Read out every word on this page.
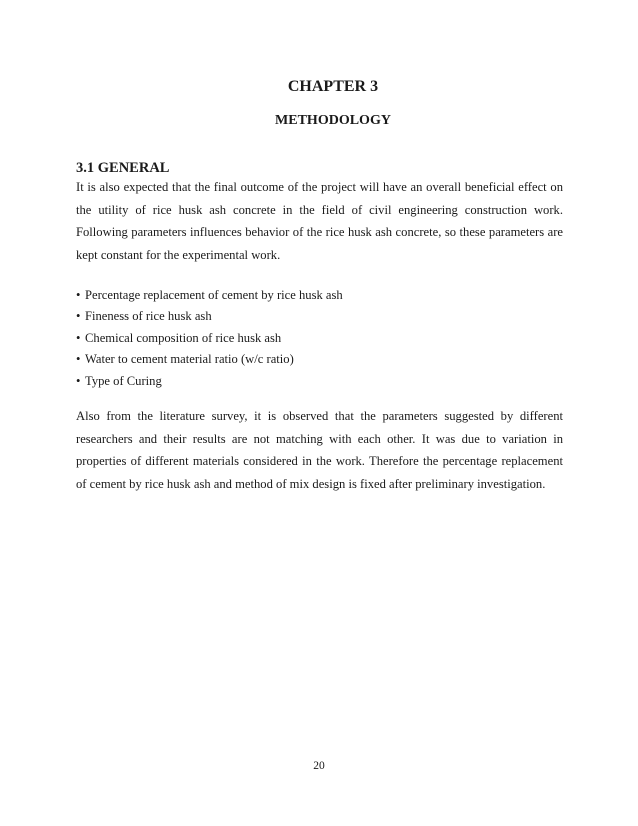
CHAPTER 3
METHODOLOGY
3.1 GENERAL

It is also expected that the final outcome of the project will have an overall beneficial effect on the utility of rice husk ash concrete in the field of civil engineering construction work. Following parameters influences behavior of the rice husk ash concrete, so these parameters are kept constant for the experimental work.

• Percentage replacement of cement by rice husk ash
• Fineness of rice husk ash
• Chemical composition of rice husk ash
• Water to cement material ratio (w/c ratio)
• Type of Curing

Also from the literature survey, it is observed that the parameters suggested by different researchers and their results are not matching with each other. It was due to variation in properties of different materials considered in the work. Therefore the percentage replacement of cement by rice husk ash and method of mix design is fixed after preliminary investigation.

20
